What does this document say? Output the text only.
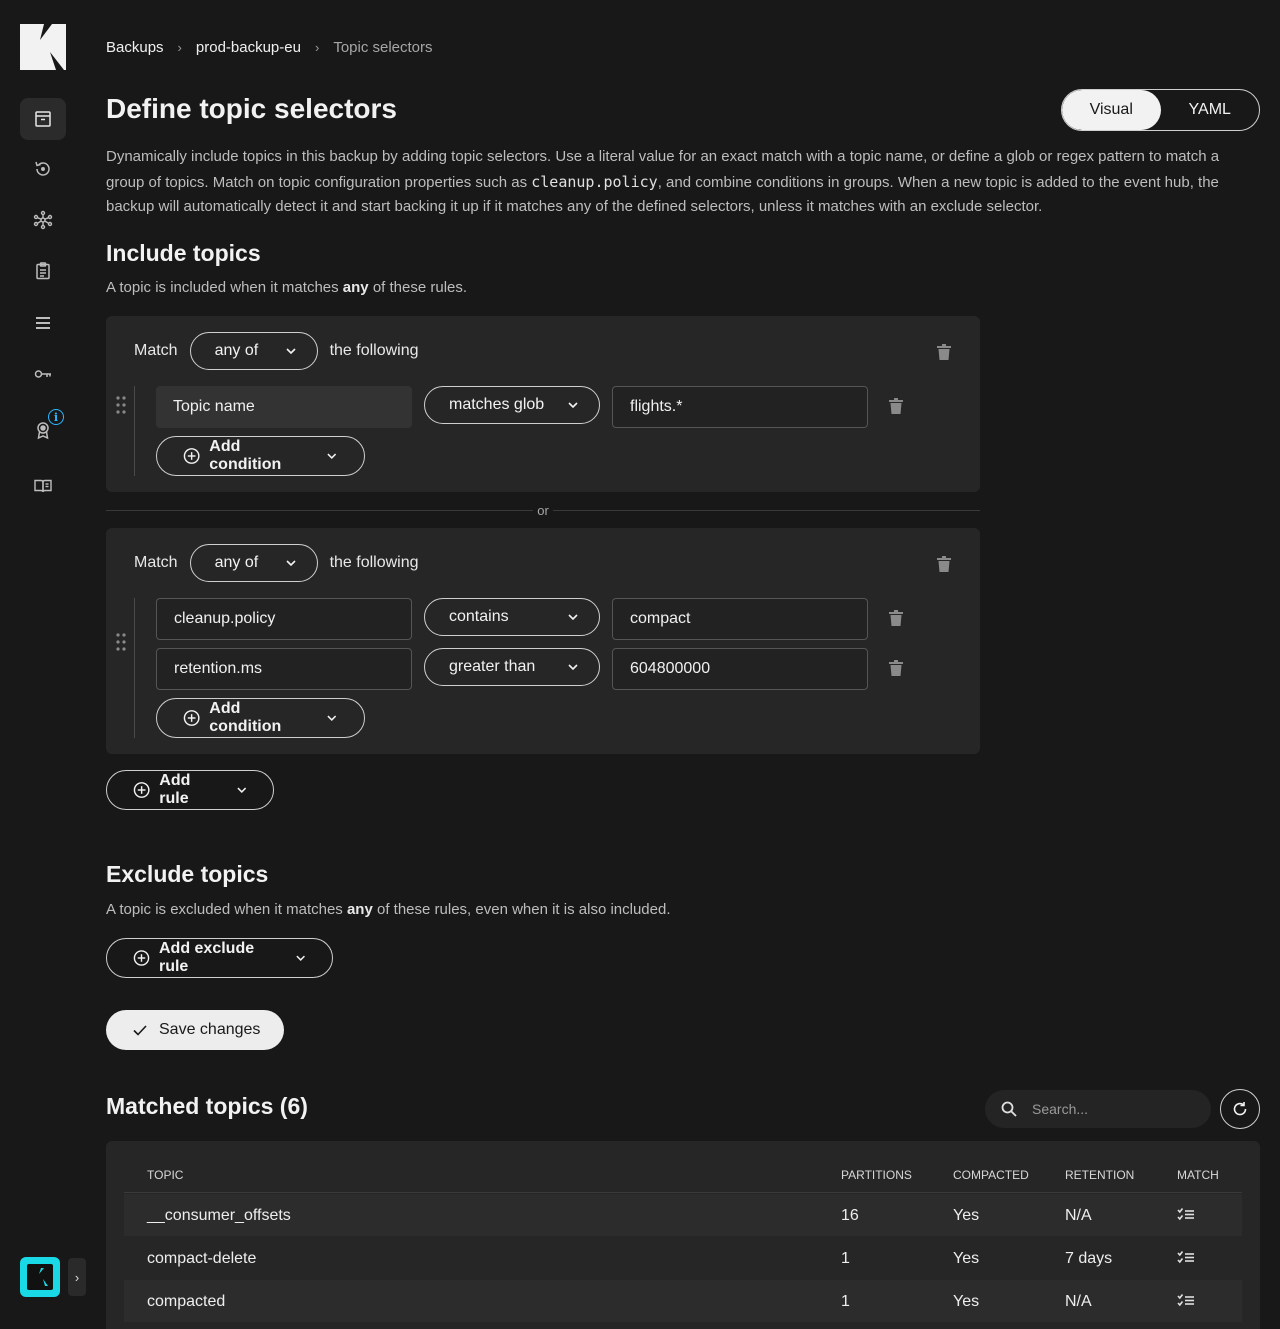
i
›
Backups › prod-backup-eu › Topic selectors
Define topic selectors	Visual	YAML

Dynamically include topics in this backup by adding topic selectors. Use a literal value for an exact match with a topic name, or define a glob or regex pattern to match a group of topics. Match on topic configuration properties such as cleanup.policy, and combine conditions in groups. When a new topic is added to the event hub, the backup will automatically detect it and start backing it up if it matches any of the defined selectors, unless it matches with an exclude selector.

Include topics

A topic is included when it matches any of these rules.

Match any of	the following
Topic name	matches glob	flights.*
Add condition
or
Match any of	the following
cleanup.policy	contains	compact
retention.ms	greater than	604800000
Add condition
Add rule
Exclude topics

A topic is excluded when it matches any of these rules, even when it is also included.

Add exclude rule
Save changes
Matched topics (6)	Search...
TOPIC	PARTITIONS	COMPACTED	RETENTION	MATCH
__consumer_offsets	16	Yes	N/A
compact-delete	1	Yes	7 days
compacted	1	Yes	N/A
